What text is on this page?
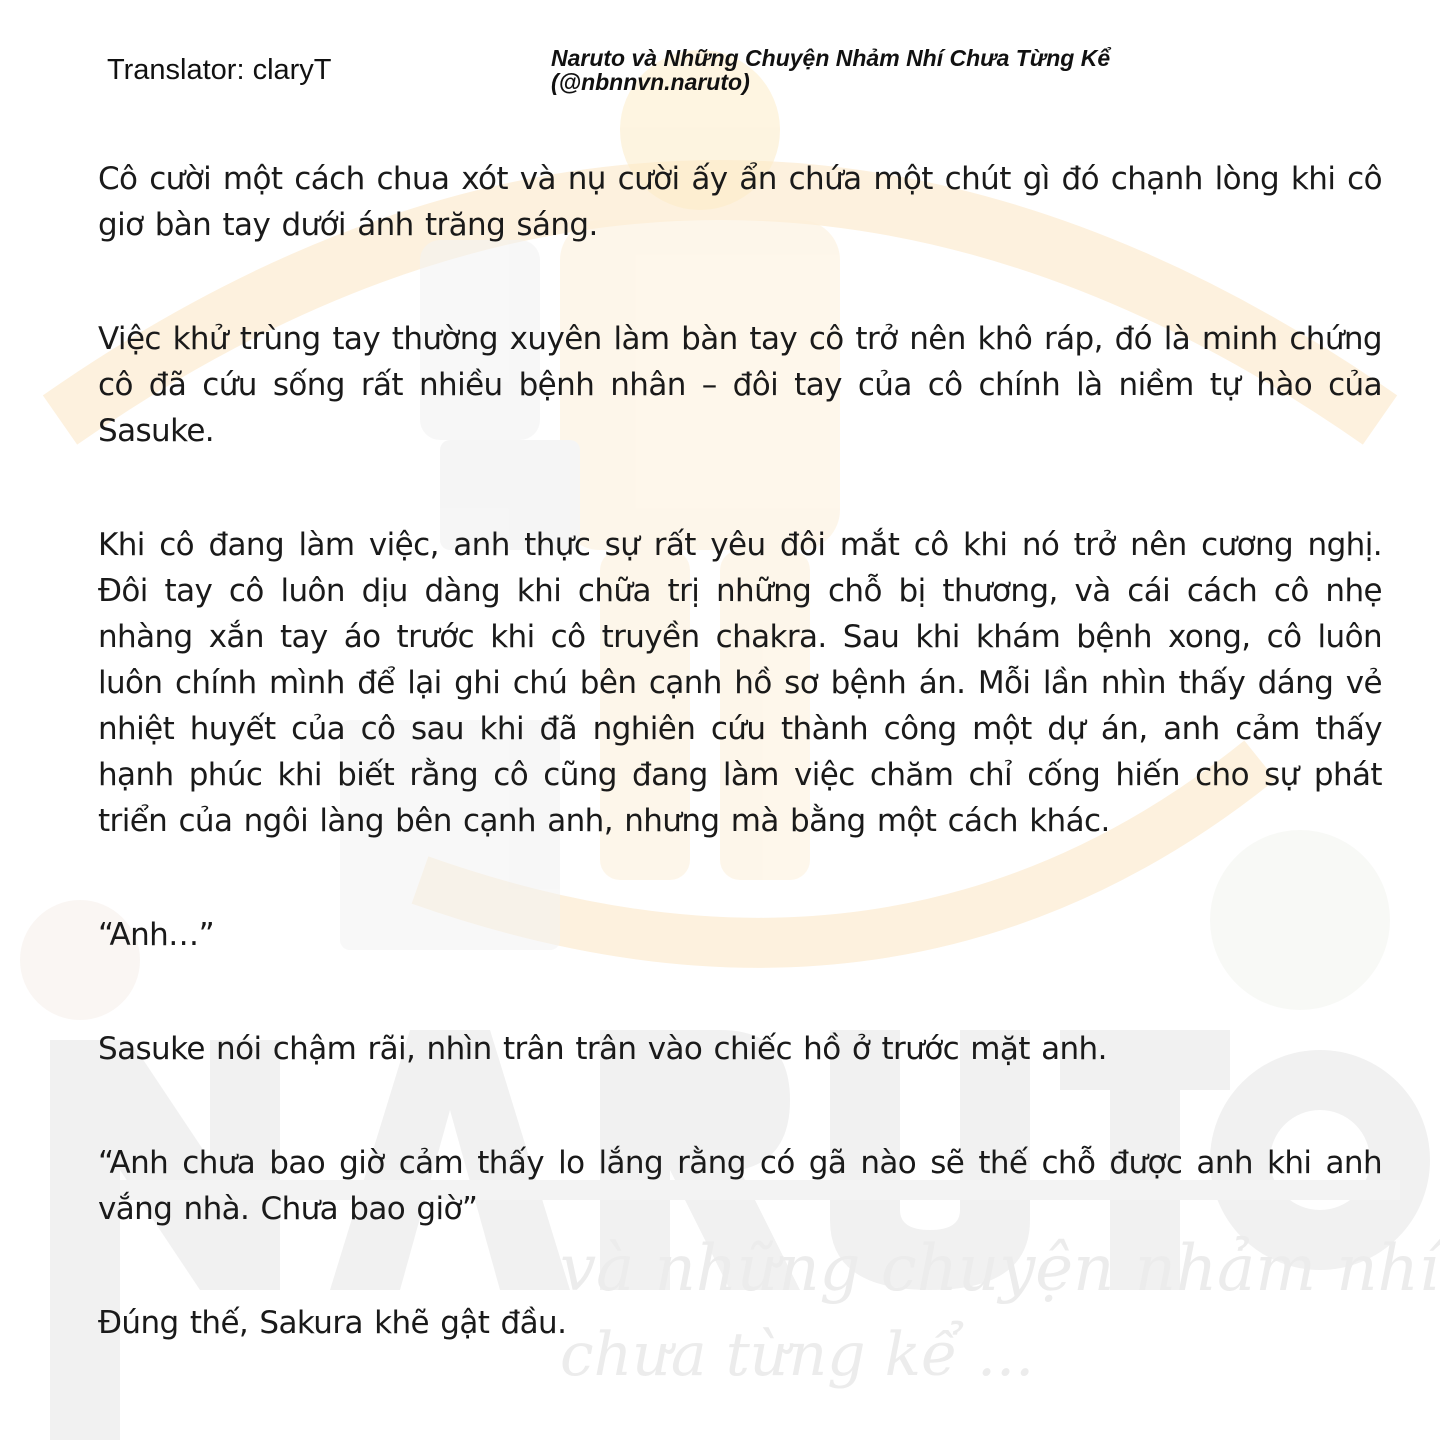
và những chuyện nhảm nhí
chưa từng kể ...
Translator: claryT	Naruto và Những Chuyện Nhảm Nhí Chưa Từng Kể
(@nbnnvn.naruto)

Cô cười một cách chua xót và nụ cười ấy ẩn chứa một chút gì đó chạnh lòng khi cô giơ bàn tay dưới ánh trăng sáng.

Việc khử trùng tay thường xuyên làm bàn tay cô trở nên khô ráp, đó là minh chứng cô đã cứu sống rất nhiều bệnh nhân – đôi tay của cô chính là niềm tự hào của Sasuke.

Khi cô đang làm việc, anh thực sự rất yêu đôi mắt cô khi nó trở nên cương nghị. Đôi tay cô luôn dịu dàng khi chữa trị những chỗ bị thương, và cái cách cô nhẹ nhàng xắn tay áo trước khi cô truyền chakra. Sau khi khám bệnh xong, cô luôn luôn chính mình để lại ghi chú bên cạnh hồ sơ bệnh án. Mỗi lần nhìn thấy dáng vẻ nhiệt huyết của cô sau khi đã nghiên cứu thành công một dự án, anh cảm thấy hạnh phúc khi biết rằng cô cũng đang làm việc chăm chỉ cống hiến cho sự phát triển của ngôi làng bên cạnh anh, nhưng mà bằng một cách khác.

“Anh…”

Sasuke nói chậm rãi, nhìn trân trân vào chiếc hồ ở trước mặt anh.

“Anh chưa bao giờ cảm thấy lo lắng rằng có gã nào sẽ thế chỗ được anh khi anh vắng nhà. Chưa bao giờ”

Đúng thế, Sakura khẽ gật đầu.
